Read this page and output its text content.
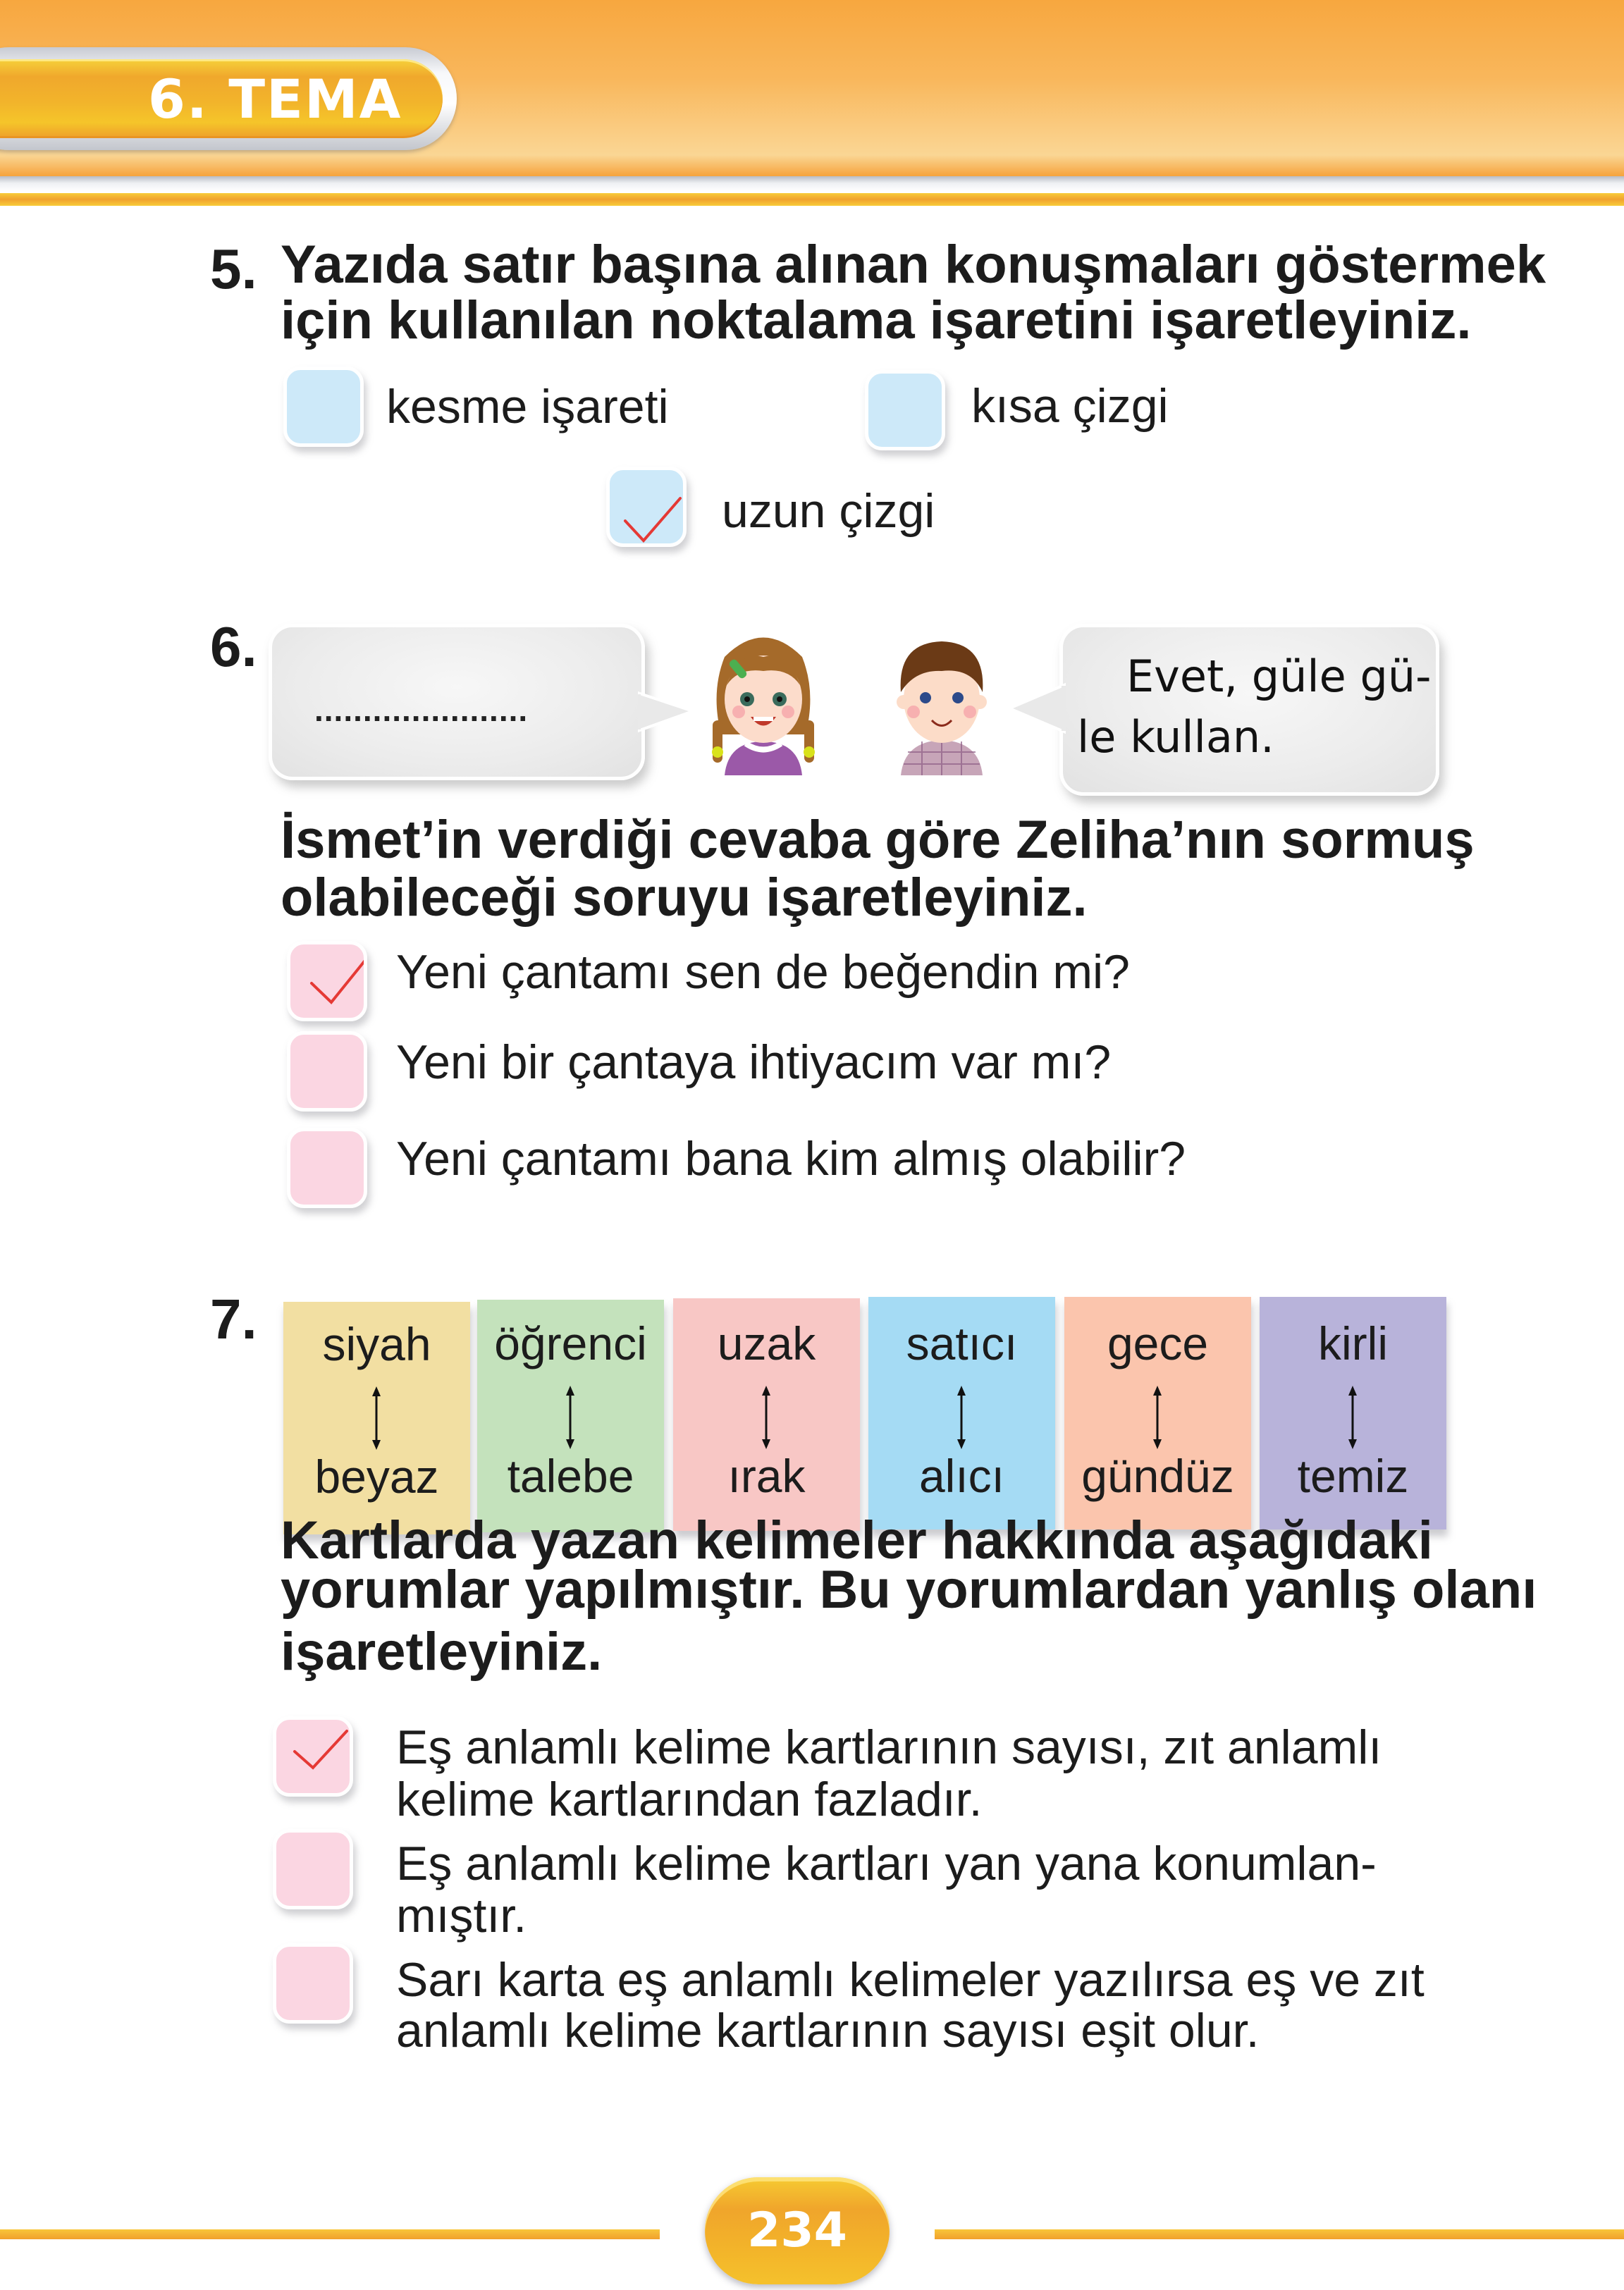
6. TEMA
5. Yazıda satır başına alınan konuşmaları göstermek
için kullanılan noktalama işaretini işaretleyiniz.
kesme işareti	kısa çizgi
uzun çizgi
6.
......................
Evet, güle gü-
le kullan.
İsmet’in verdiği cevaba göre Zeliha’nın sormuş
olabileceği soruyu işaretleyiniz.
Yeni çantamı sen de beğendin mi?
Yeni bir çantaya ihtiyacım var mı?
Yeni çantamı bana kim almış olabilir?
7.	siyah
beyaz
öğrenci
talebe
uzak
ırak
satıcı
alıcı
gece
gündüz
kirli
temiz
Kartlarda yazan kelimeler hakkında aşağıdaki
yorumlar yapılmıştır. Bu yorumlardan yanlış olanı
işaretleyiniz.
Eş anlamlı kelime kartlarının sayısı, zıt anlamlı
kelime kartlarından fazladır.
Eş anlamlı kelime kartları yan yana konumlan-
mıştır.
Sarı karta eş anlamlı kelimeler yazılırsa eş ve zıt
anlamlı kelime kartlarının sayısı eşit olur.
234
